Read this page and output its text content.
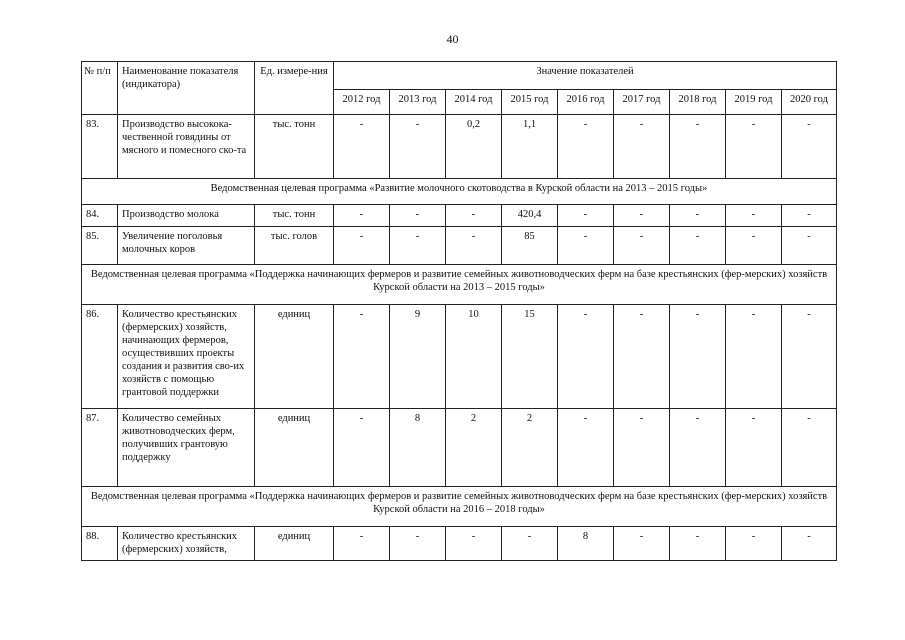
40
№ п/п	Наименование показателя (индикатора)	Ед. измере-ния	Значение показателей								
			2012 год	2013 год	2014 год	2015 год	2016 год	2017 год	2018 год	2019 год	2020 год
83.	Производство высокока-чественной говядины от мясного и помесного ско-та	тыс. тонн	-	-	0,2	1,1	-	-	-	-	-
Ведомственная целевая программа «Развитие молочного скотоводства в Курской области на 2013 – 2015 годы»											
84.	Производство молока	тыс. тонн	-	-	-	420,4	-	-	-	-	-
85.	Увеличение поголовья молочных коров	тыс. голов	-	-	-	85	-	-	-	-	-
Ведомственная целевая программа «Поддержка начинающих фермеров и развитие семейных животноводческих ферм на базе крестьянских (фер-мерских) хозяйств Курской области на 2013 – 2015 годы»											
86.	Количество крестьянских (фермерских) хозяйств, начинающих фермеров, осуществивших проекты создания и развития сво-их хозяйств с помощью грантовой поддержки	единиц	-	9	10	15	-	-	-	-	-
87.	Количество семейных животноводческих ферм, получивших грантовую поддержку	единиц	-	8	2	2	-	-	-	-	-
Ведомственная целевая программа «Поддержка начинающих фермеров и развитие семейных животноводческих ферм на базе крестьянских (фер-мерских) хозяйств Курской области на 2016 – 2018 годы»											
88.	Количество крестьянских (фермерских) хозяйств,	единиц	-	-	-	-	8	-	-	-	-
